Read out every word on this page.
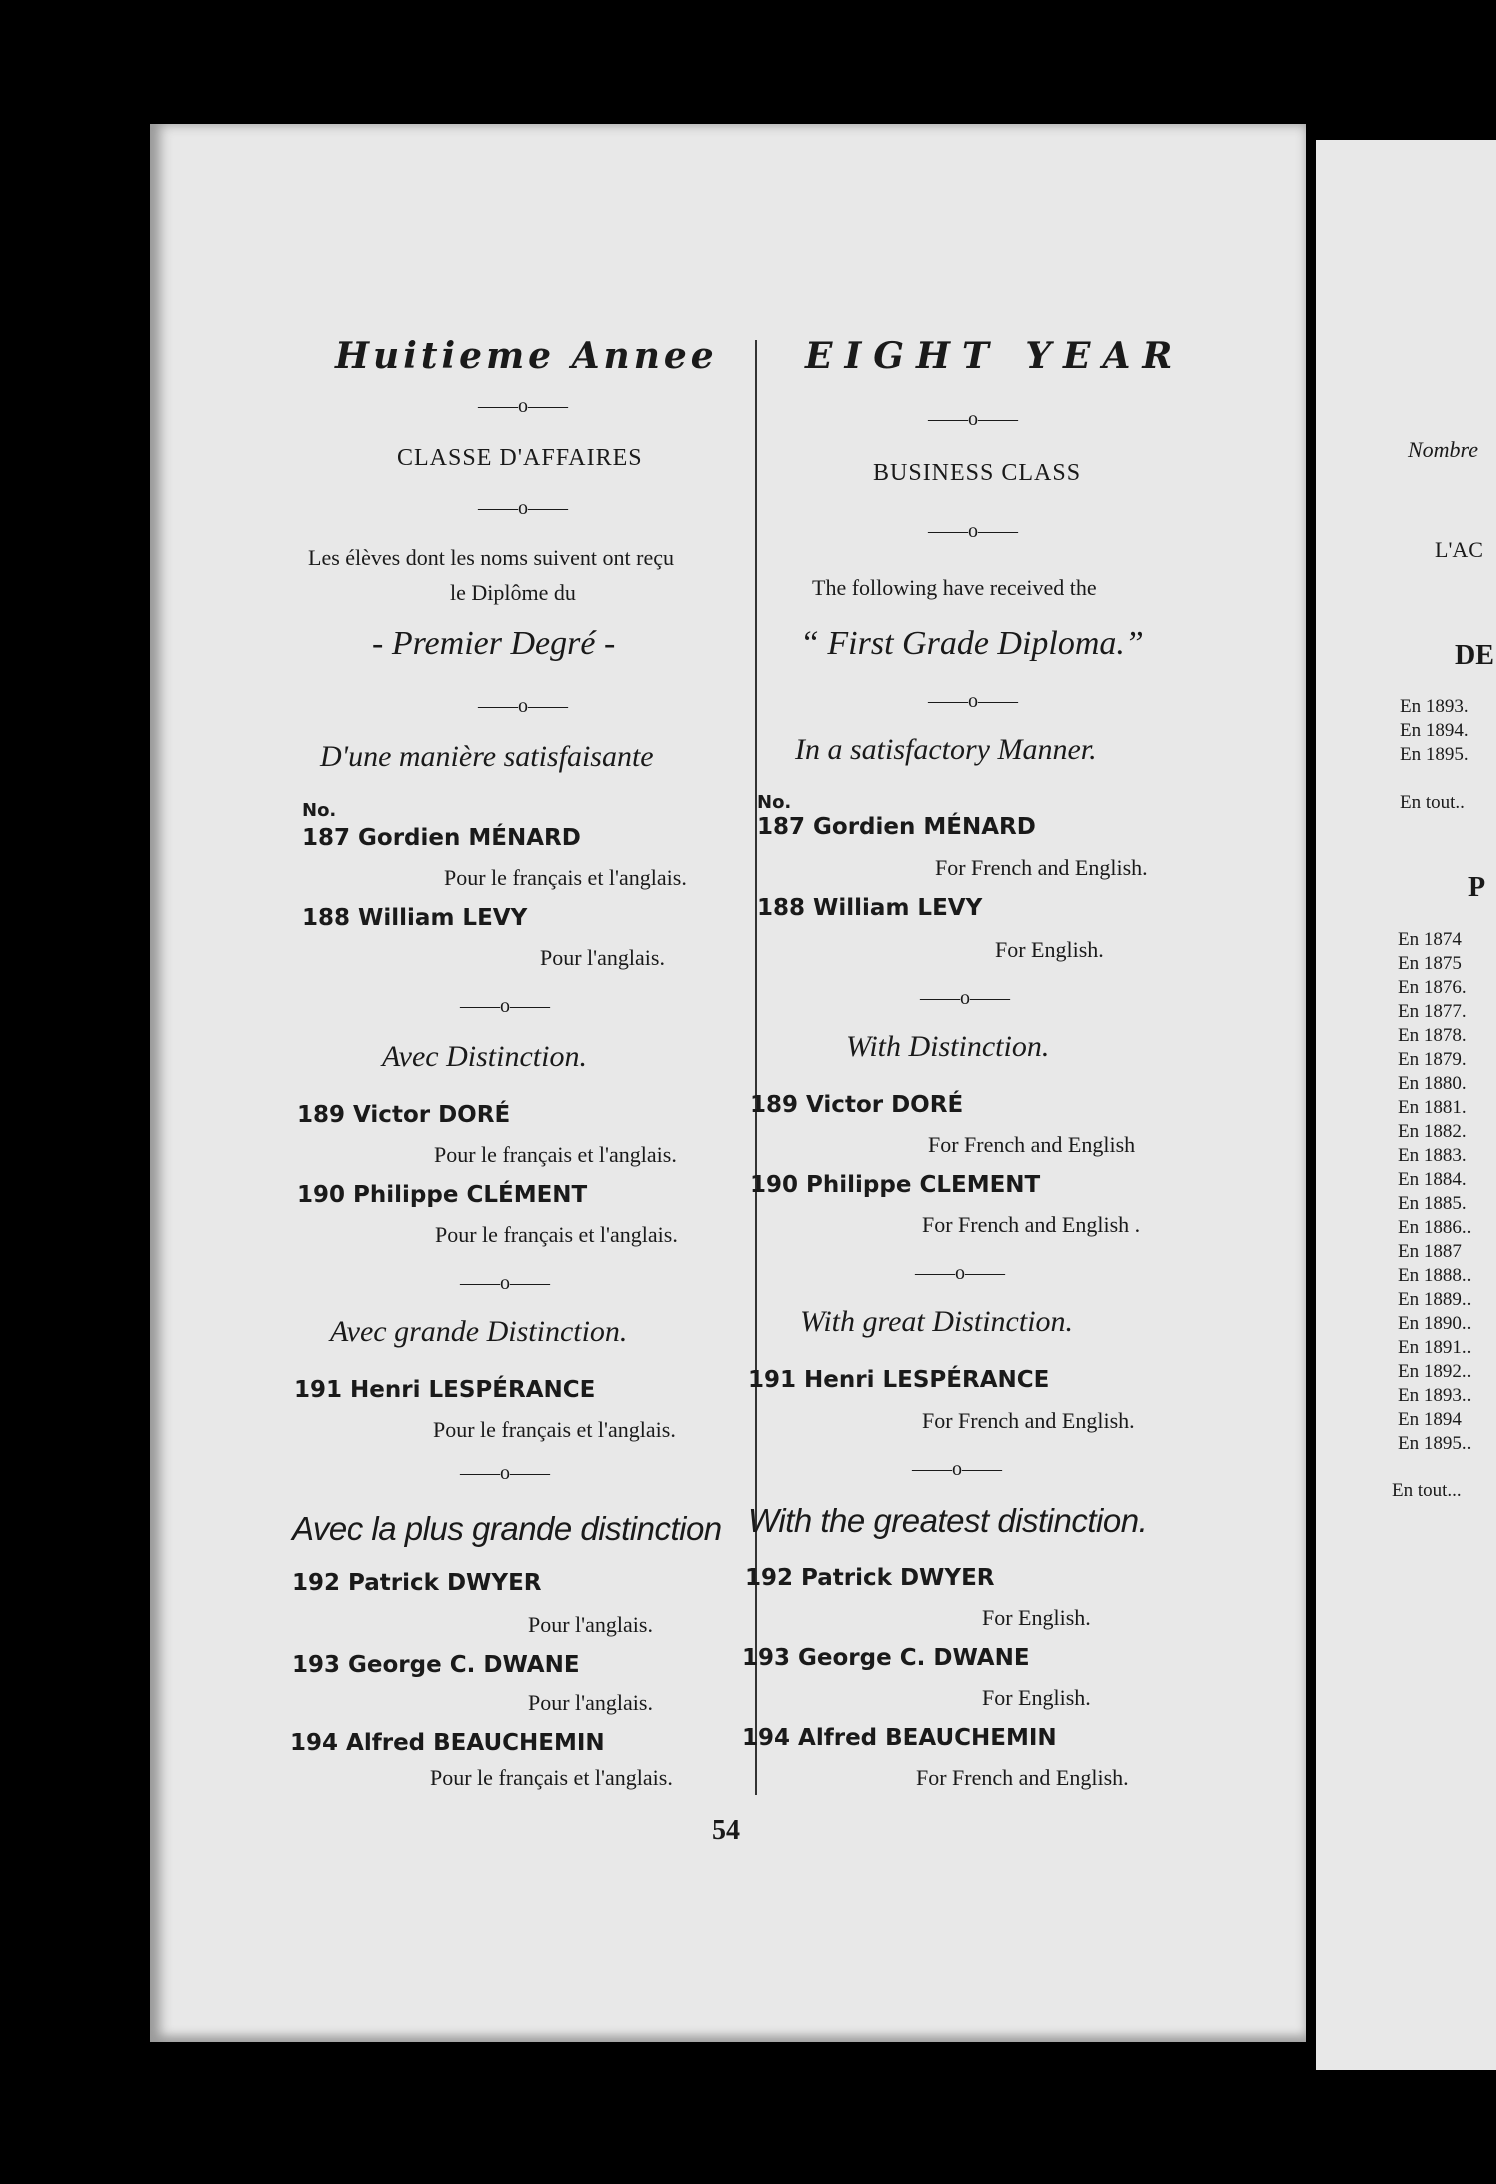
Huitieme Annee
——o——
CLASSE D'AFFAIRES
——o——
Les élèves dont les noms suivent ont reçu
le Diplôme du
- Premier Degré -
——o——
D'une manière satisfaisante
No.
187 Gordien MÉNARD
Pour le français et l'anglais.
188 William LEVY
Pour l'anglais.
——o——
Avec Distinction.
189 Victor DORÉ
Pour le français et l'anglais.
190 Philippe CLÉMENT
Pour le français et l'anglais.
——o——
Avec grande Distinction.
191 Henri LESPÉRANCE
Pour le français et l'anglais.
——o——
Avec la plus grande distinction
192 Patrick DWYER
Pour l'anglais.
193 George C. DWANE
Pour l'anglais.
194 Alfred BEAUCHEMIN
Pour le français et l'anglais.
EIGHT YEAR
——o——
BUSINESS CLASS
——o——
The following have received the
“ First Grade Diploma.”
——o——
In a satisfactory Manner.
No.
187 Gordien MÉNARD
For French and English.
188 William LEVY
For English.
——o——
With Distinction.
189 Victor DORÉ
For French and English
190 Philippe CLEMENT
For French and English .
——o——
With great Distinction.
191 Henri LESPÉRANCE
For French and English.
——o——
With the greatest distinction.
192 Patrick DWYER
For English.
193 George C. DWANE
For English.
194 Alfred BEAUCHEMIN
For French and English.
54
Nombre
L'AC
DE
En 1893.
En 1894.
En 1895.
En tout..
P
En 1874
En 1875
En 1876.
En 1877.
En 1878.
En 1879.
En 1880.
En 1881.
En 1882.
En 1883.
En 1884.
En 1885.
En 1886..
En 1887
En 1888..
En 1889..
En 1890..
En 1891..
En 1892..
En 1893..
En 1894
En 1895..
En tout...
